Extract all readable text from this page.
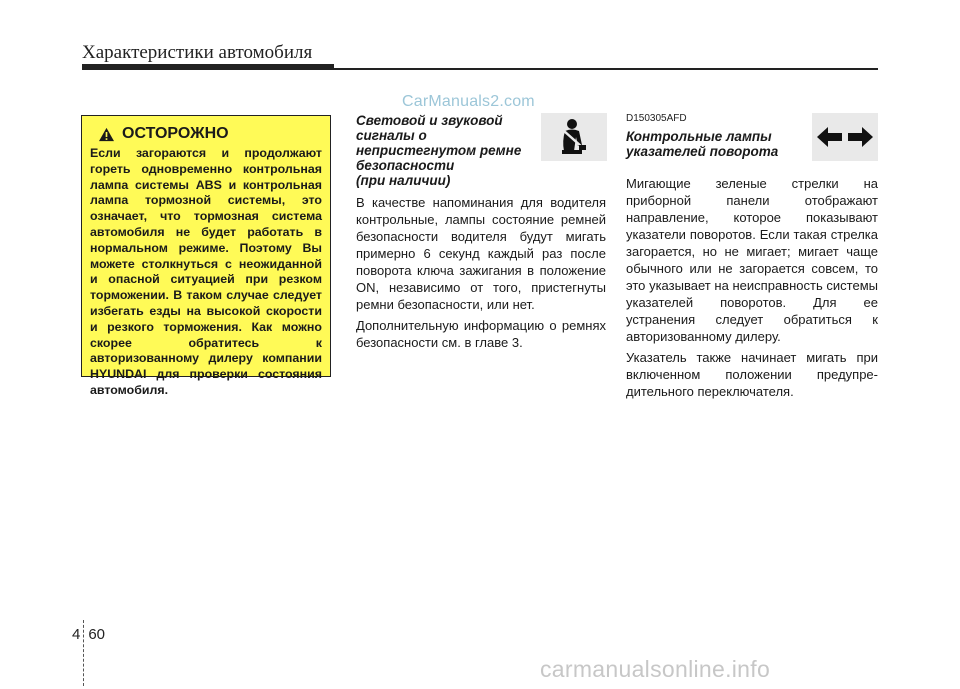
Характеристики автомобиля
CarManuals2.com
ОСТОРОЖНО
Если загораются и продолжают гореть одновременно контрольная лампа системы ABS и контрольная лампа тормозной системы, это означает, что тормозная система автомобиля не будет работать в нормальном режиме. Поэтому Вы можете столкнуться с неожиданной и опасной ситуацией при резком торможении. В таком случае следует избегать езды на высокой скорости и резкого торможения. Как можно скорее обратитесь к авторизованному дилеру компании HYUNDAI для проверки состояния автомобиля.
Световой и звуковой
сигналы о
непристегнутом ремне
безопасности
(при наличии)

В качестве напоминания для водителя контрольные, лампы состояние ремней безопасности водителя будут мигать примерно 6 секунд каждый раз после поворота ключа зажигания в положение ON, независимо от того, пристегнуты ремни безопасности, или нет.

Дополнительную информацию о ремнях безопасности см. в главе 3.

D150305AFD
Контрольные лампы
указателей поворота

Мигающие зеленые стрелки на приборной панели отображают направление, которое показывают указатели поворотов. Если такая стрелка загорается, но не мигает; мигает чаще обычного или не загорается совсем, то это указывает на неисправность системы указателей поворотов. Для ее устранения следует обратиться к авторизованному дилеру.

Указатель также начинает мигать при включенном положении предупре-дительного переключателя.

4 60
carmanualsonline.info
